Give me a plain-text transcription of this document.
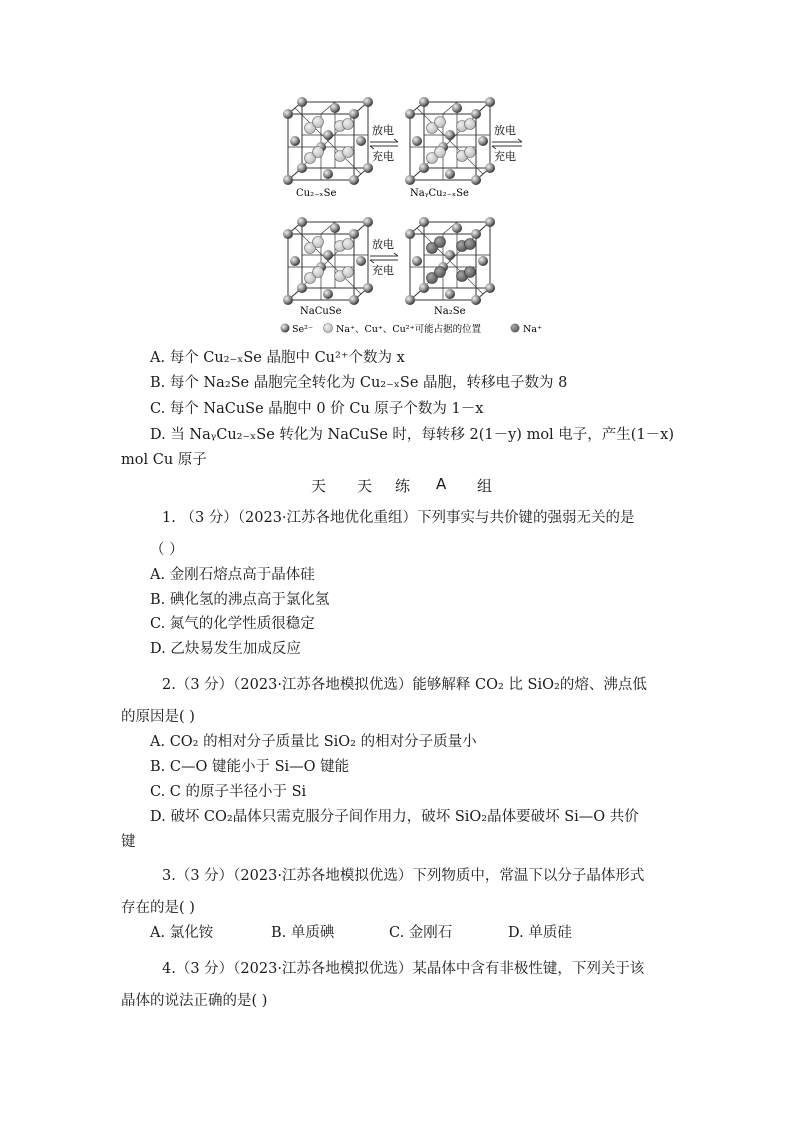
Cu₂₋ₓSe
放电
充电
NaᵧCu₂₋ₓSe
放电
充电
NaCuSe
放电
充电
Na₂Se
Se²⁻ Na⁺、Cu⁺、Cu²⁺可能占据的位置	Na⁺
A. 每个 Cu₂₋ₓSe 晶胞中 Cu²⁺个数为 x
B. 每个 Na₂Se 晶胞完全转化为 Cu₂₋ₓSe 晶胞，转移电子数为 8
C. 每个 NaCuSe 晶胞中 0 价 Cu 原子个数为 1－x
D. 当 NaᵧCu₂₋ₓSe 转化为 NaCuSe 时，每转移 2(1－y) mol 电子，产生(1－x)
mol Cu 原子
天 天 练 A 组
1. （3 分）（2023·江苏各地优化重组）下列事实与共价键的强弱无关的是
（ ）
A. 金刚石熔点高于晶体硅
B. 碘化氢的沸点高于氯化氢
C. 氮气的化学性质很稳定
D. 乙炔易发生加成反应
2.（3 分）（2023·江苏各地模拟优选）能够解释 CO₂ 比 SiO₂的熔、沸点低
的原因是( )
A. CO₂ 的相对分子质量比 SiO₂ 的相对分子质量小
B. C—O 键能小于 Si—O 键能
C. C 的原子半径小于 Si
D. 破坏 CO₂晶体只需克服分子间作用力，破坏 SiO₂晶体要破坏 Si—O 共价
键
3.（3 分）（2023·江苏各地模拟优选）下列物质中，常温下以分子晶体形式
存在的是( )
A. 氯化铵	B. 单质碘	C. 金刚石	D. 单质硅
4.（3 分）（2023·江苏各地模拟优选）某晶体中含有非极性键，下列关于该
晶体的说法正确的是( )
